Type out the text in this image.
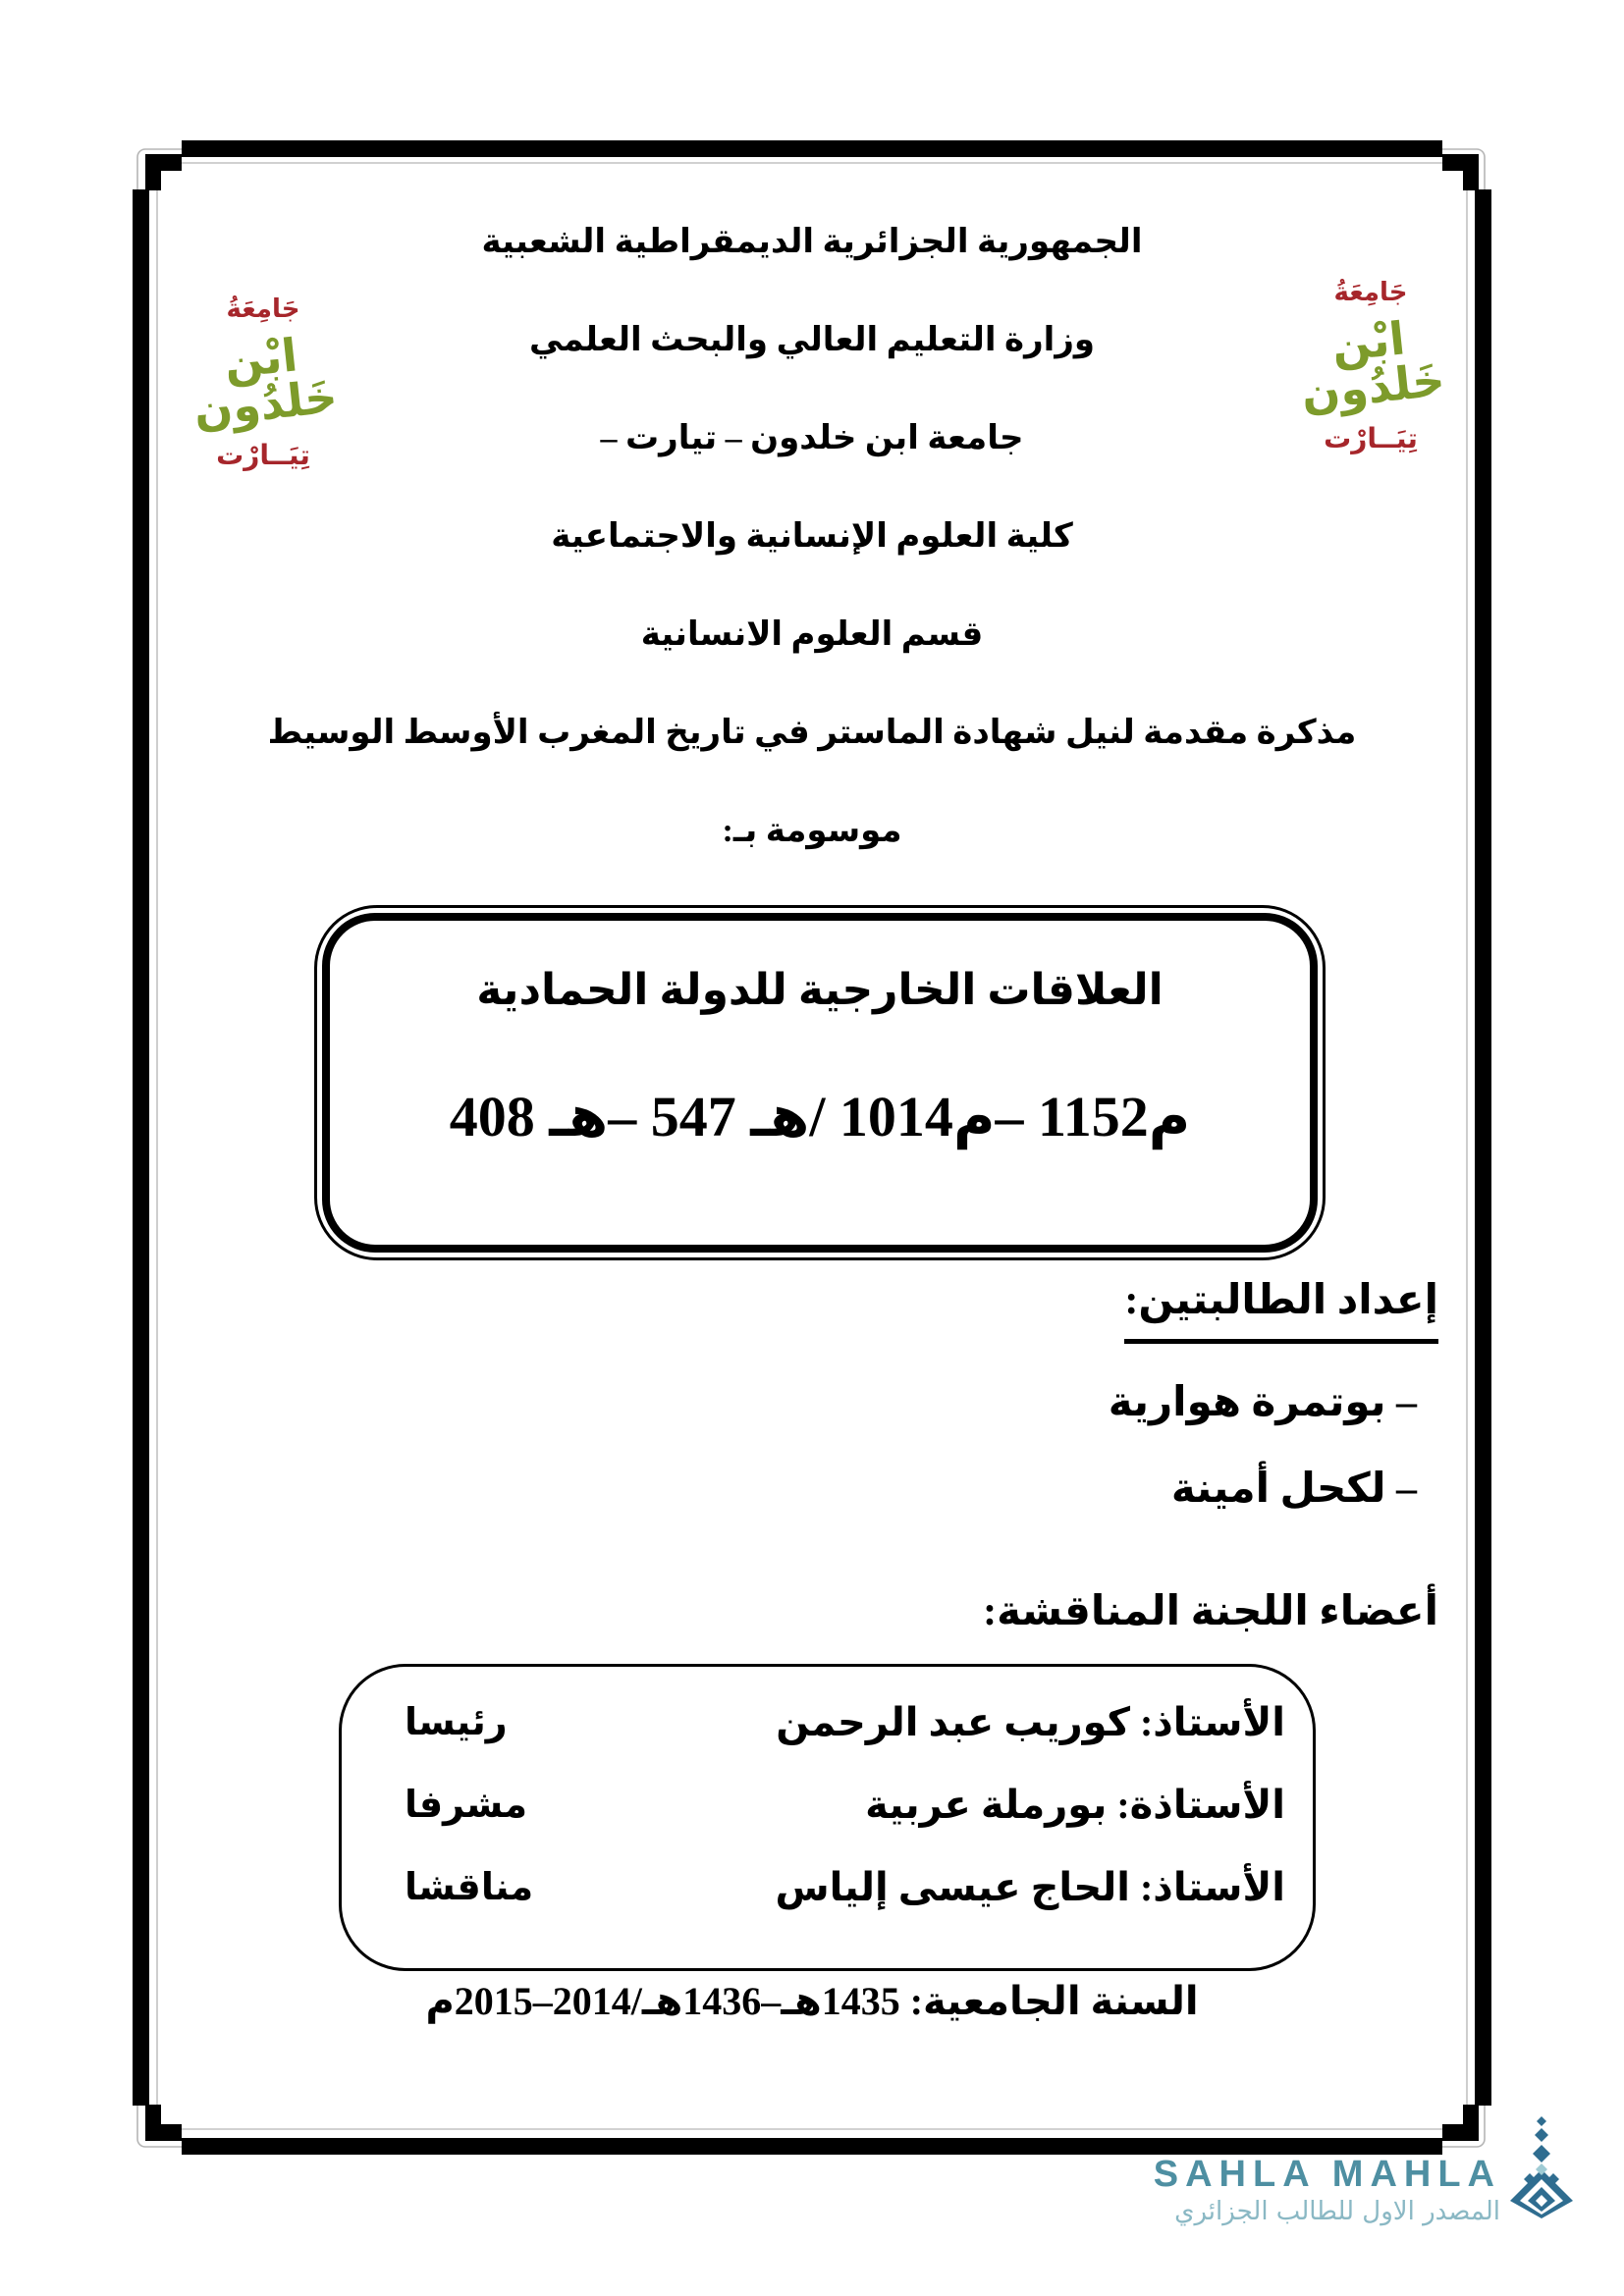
الجمهورية الجزائرية الديمقراطية الشعبية
وزارة التعليم العالي والبحث العلمي
جامعة ابن خلدون – تيارت –
كلية العلوم الإنسانية والاجتماعية
قسم العلوم الانسانية
مذكرة مقدمة لنيل شهادة الماستر في تاريخ المغرب الأوسط الوسيط
موسومة بـ:
جَامِعَةُ
ابْن خَلدُون
تِيَــارْت
جَامِعَةُ
ابْن خَلدُون
تِيَــارْت
العلاقات الخارجية للدولة الحمادية
408 هـ‎– 547 هـ‎/ 1014م‎– 1152م
إعداد الطالبتين:
– بوتمرة هوارية
– لكحل أمينة
أعضاء اللجنة المناقشة:
الأستاذ: كوريب عبد الرحمن
رئيسا
الأستاذة: بورملة عربية
مشرفا
الأستاذ: الحاج عيسى إلياس
مناقشا
السنة الجامعية: 1435هـ–1436هـ/2014–2015م
SAHLA MAHLA
المصدر الاول للطالب الجزائري
